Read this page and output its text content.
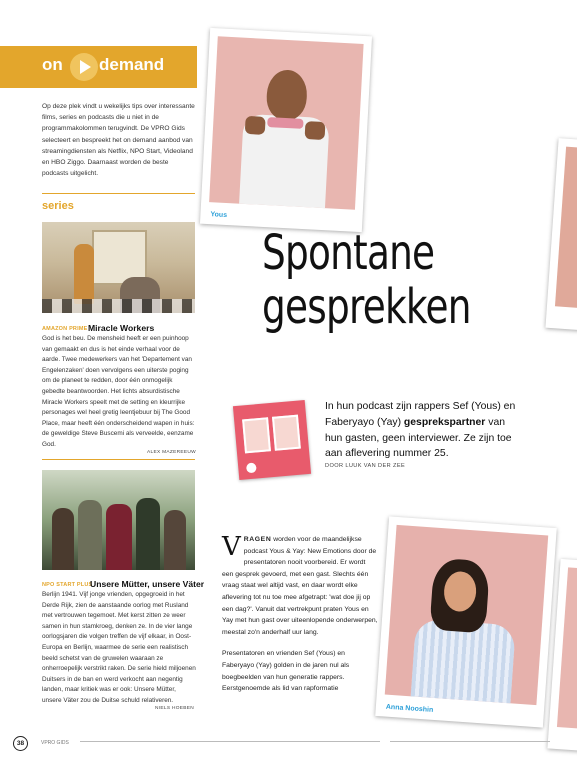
on demand

Op deze plek vindt u wekelijks tips over interessante films, series en podcasts die u niet in de programmakolommen terugvindt. De VPRO Gids selecteert en bespreekt het on demand aanbod van streamingdiensten als Netflix, NPO Start, Videoland en HBO Ziggo. Daarnaast worden de beste podcasts uitgelicht.

series
AMAZON PRIME Miracle Workers

God is het beu. De mensheid heeft er een puinhoop van gemaakt en dus is het einde verhaal voor de aarde. Twee medewerkers van het 'Departement van Engelenzaken' doen vervolgens een uiterste poging om de planeet te redden, door één onmogelijk gebedte beantwoorden. Het lichts absurdistische Miracle Workers speelt met de setting en kleurrijke personages wel heel gretig leentjebuur bij The Good Place, maar heeft één onderscheidend wapen in huis: de geweldige Steve Buscemi als verveelde, eenzame God.

ALEX MAZEREEUW
NPO START PLUS
Unsere Mütter, unsere Väter

Berlijn 1941. Vijf jonge vrienden, opgegroeid in het Derde Rijk, zien de aanstaande oorlog met Rusland met vertrouwen tegemoet. Met kerst zitten ze weer samen in hun stamkroeg, denken ze. In de vier lange oorlogsjaren die volgen treffen de vijf elkaar, in Oost-Europa en Berlijn, waarmee de serie een realistisch beeld schetst van de gruwelen waaraan ze onherroepelijk verstrikt raken. De serie hield miljoenen Duitsers in de ban en werd verkocht aan negentig landen, maar kritiek was er ook: Unsere Mütter, unsere Väter zou de Duitse schuld relativeren.

NIELS HOEBEN
Yous
Spontane
gesprekken

In hun podcast zijn rappers Sef (Yous) en Faberyayo (Yay) gesprekspartner van hun gasten, geen interviewer. Ze zijn toe aan aflevering nummer 25.

DOOR LUUK VAN DER ZEE

VRAGEN worden voor de maandelijkse podcast Yous & Yay: New Emotions door de presentatoren nooit voorbereid. Er wordt een gesprek gevoerd, met een gast. Slechts één vraag staat wel altijd vast, en daar wordt elke aflevering tot nu toe mee afgetrapt: 'wat doe jij op een dag?'. Vanuit dat vertrekpunt praten Yous en Yay met hun gast over uiteenlopende onderwerpen, meestal zo'n anderhalf uur lang.

Presentatoren en vrienden Sef (Yous) en Faberyayo (Yay) golden in de jaren nul als boegbeelden van hun generatie rappers. Eerstgenoemde als lid van rapformatie

Anna Nooshin
38	VPRO GIDS
